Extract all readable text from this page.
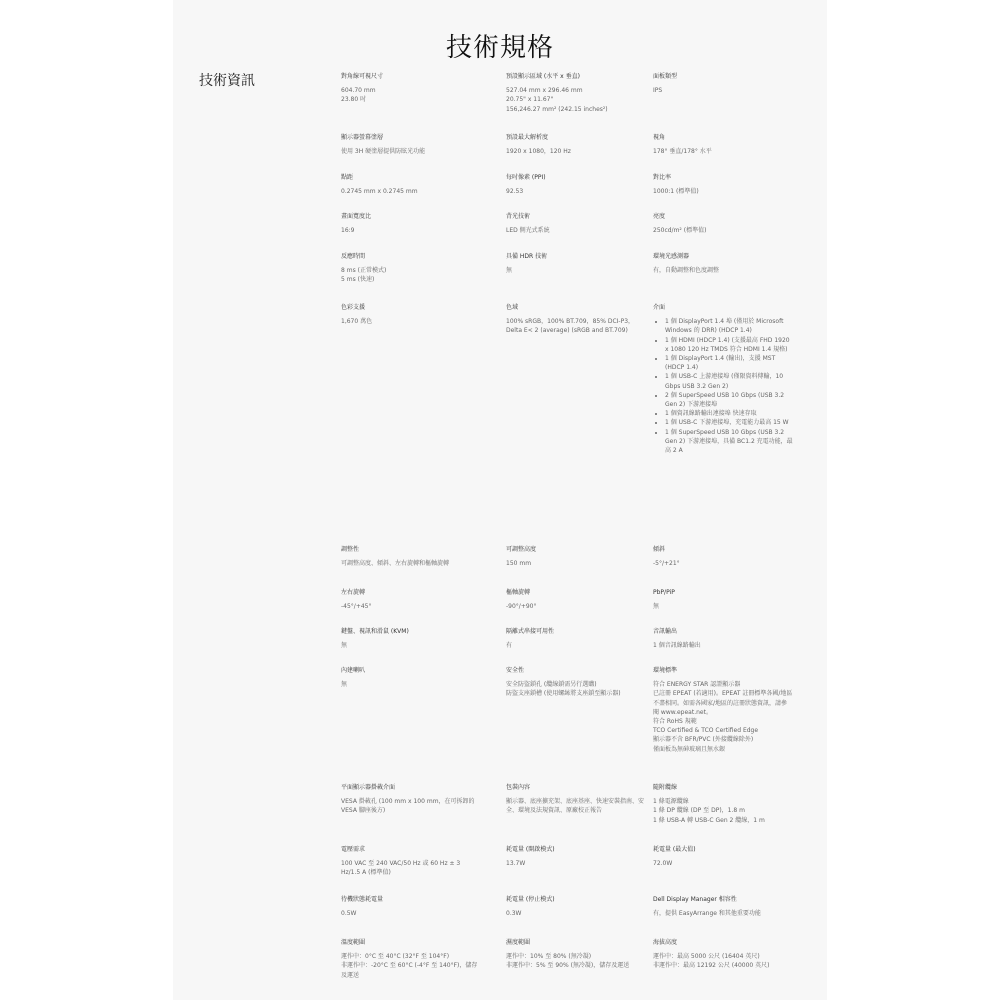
技術規格
技術資訊	對角線可視尺寸
604.70 mm
23.80 吋
預設顯示區域 (水平 x 垂直)
527.04 mm x 296.46 mm
20.75" x 11.67"
156,246.27 mm² (242.15 inches²)
面板類型
IPS
顯示器螢幕塗層
使用 3H 硬塗層提供防眩光功能
預設最大解析度
1920 x 1080，120 Hz
視角
178° 垂直/178° 水平
點距
0.2745 mm x 0.2745 mm
每吋像素 (PPI)
92.53
對比率
1000:1 (標準值)
畫面寬度比
16:9
背光技術
LED 側光式系統
亮度
250cd/m² (標準值)
反應時間
8 ms (正常模式)
5 ms (快速)
具備 HDR 技術
無
環境光感測器
有，自動調整和色度調整
色彩支援
1,670 萬色
色域
100% sRGB，100% BT.709，85% DCI-P3，Delta E< 2 (average) (sRGB and BT.709)
介面
• 1 個 DisplayPort 1.4 埠 (僅用於 Microsoft Windows 的 DRR) (HDCP 1.4)
• 1 個 HDMI (HDCP 1.4) (支援最高 FHD 1920 x 1080 120 Hz TMDS 符合 HDMI 1.4 規格)
• 1 個 DisplayPort 1.4 (輸出)，支援 MST (HDCP 1.4)
• 1 個 USB-C 上游連接埠 (僅限資料傳輸，10 Gbps USB 3.2 Gen 2)
• 2 個 SuperSpeed USB 10 Gbps (USB 3.2 Gen 2) 下游連接埠
• 1 個資訊線路輸出連接埠 快速存取
• 1 個 USB-C 下游連接埠，充電能力最高 15 W
• 1 個 SuperSpeed USB 10 Gbps (USB 3.2 Gen 2) 下游連接埠，具備 BC1.2 充電功能，最高 2 A
調整性
可調整高度、傾斜、左右旋轉和樞軸旋轉
可調整高度
150 mm
傾斜
-5°/+21°
左右旋轉
-45°/+45°
樞軸旋轉
-90°/+90°
PbP/PiP
無
鍵盤、視訊和滑鼠 (KVM)
無
隔離式串接可用性
有
音訊輸出
1 個音訊線路輸出
內建喇叭
無
安全性
安全防盜鎖孔 (纜線鎖需另行選購)
防盜支座鎖槽 (使用螺絲將支座鎖至顯示器)
環境標準
符合 ENERGY STAR 認證顯示器
已註冊 EPEAT (若適用)。EPEAT 註冊標準各國/地區不盡相同。如需各國家/地區的註冊狀態資訊，請參閱 www.epeat.net。
符合 RoHS 規範
TCO Certified & TCO Certified Edge
顯示器不含 BFR/PVC (外接纜線除外)
僅面板為無砷玻璃且無水銀
平面顯示器掛載介面
VESA 掛載孔 (100 mm x 100 mm，在可拆卸的 VESA 腳座後方)
包裝內容
顯示器、底座擴充架、底座基座、快速安裝指南、安全、環境及法規資訊、原廠校正報告
隨附纜線
1 條電源纜線
1 條 DP 纜線 (DP 至 DP)，1.8 m
1 條 USB-A 轉 USB-C Gen 2 纜線，1 m
電壓需求
100 VAC 至 240 VAC/50 Hz 或 60 Hz ± 3 Hz/1.5 A (標準值)
耗電量 (開啟模式)
13.7W
耗電量 (最大值)
72.0W
待機狀態耗電量
0.5W
耗電量 (停止模式)
0.3W
Dell Display Manager 相容性
有，提供 EasyArrange 和其他重要功能
溫度範圍
運作中：0°C 至 40°C (32°F 至 104°F)
非運作中：-20°C 至 60°C (-4°F 至 140°F)，儲存及運送
濕度範圍
運作中：10% 至 80% (無冷凝)
非運作中：5% 至 90% (無冷凝)，儲存及運送
海拔高度
運作中：最高 5000 公尺 (16404 英尺)
非運作中：最高 12192 公尺 (40000 英尺)
